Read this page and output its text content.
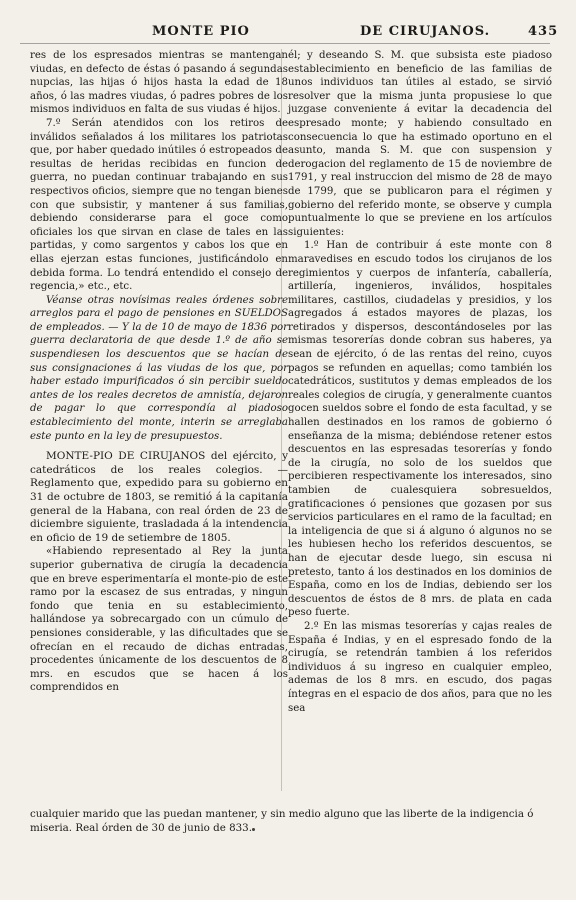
MONTE PIO	DE CIRUJANOS.	435

res de los espresados mientras se mantengan viudas, en defecto de éstas ó pasando á segundas nupcias, las hijas ó hijos hasta la edad de 18 años, ó las madres viudas, ó padres pobres de los mismos individuos en falta de sus viudas é hijos.

7.º Serán atendidos con los retiros de inválidos señalados á los militares los patriotas que, por haber quedado inútiles ó estropeados de resultas de heridas recibidas en funcion de guerra, no puedan continuar trabajando en sus respectivos oficios, siempre que no tengan bienes con que subsistir, y mantener á sus familias, debiendo considerarse para el goce como oficiales los que sirvan en clase de tales en las partidas, y como sargentos y cabos los que en ellas ejerzan estas funciones, justificándolo en debida forma. Lo tendrá entendido el consejo de regencia,» etc., etc.

Véanse otras novísimas reales órdenes sobre arreglos para el pago de pensiones en SUELDOS de empleados. — Y la de 10 de mayo de 1836 por guerra declaratoria de que desde 1.º de año se suspendiesen los descuentos que se hacían de sus consignaciones á las viudas de los que, por haber estado impurificados ó sin percibir sueldo antes de los reales decretos de amnistía, dejaron de pagar lo que correspondía al piadoso establecimiento del monte, interin se arreglaba este punto en la ley de presupuestos.

MONTE-PIO DE CIRUJANOS del ejército, y catedráticos de los reales colegios. — Reglamento que, expedido para su gobierno en 31 de octubre de 1803, se remitió á la capitanía general de la Habana, con real órden de 23 de diciembre siguiente, trasladada á la intendencia en oficio de 19 de setiembre de 1805.

«Habiendo representado al Rey la junta superior gubernativa de cirugía la decadencia que en breve esperimentaría el monte-pio de este ramo por la escasez de sus entradas, y ningun fondo que tenia en su establecimiento, hallándose ya sobrecargado con un cúmulo de pensiones considerable, y las dificultades que se ofrecían en el recaudo de dichas entradas, procedentes únicamente de los descuentos de 8 mrs. en escudos que se hacen á los comprendidos en

él; y deseando S. M. que subsista este piadoso establecimiento en beneficio de las familias de unos individuos tan útiles al estado, se sirvió resolver que la misma junta propusiese lo que juzgase conveniente á evitar la decadencia del espresado monte; y habiendo consultado en consecuencia lo que ha estimado oportuno en el asunto, manda S. M. que con suspension y derogacion del reglamento de 15 de noviembre de 1791, y real instruccion del mismo de 28 de mayo de 1799, que se publicaron para el régimen y gobierno del referido monte, se observe y cumpla puntualmente lo que se previene en los artículos siguientes:

1.º Han de contribuir á este monte con 8 maravedises en escudo todos los cirujanos de los regimientos y cuerpos de infantería, caballería, artillería, ingenieros, inválidos, hospitales militares, castillos, ciudadelas y presidios, y los agregados á estados mayores de plazas, los retirados y dispersos, descontándoseles por las mismas tesorerías donde cobran sus haberes, ya sean de ejército, ó de las rentas del reino, cuyos pagos se refunden en aquellas; como también los catedráticos, sustitutos y demas empleados de los reales colegios de cirugía, y generalmente cuantos gocen sueldos sobre el fondo de esta facultad, y se hallen destinados en los ramos de gobierno ó enseñanza de la misma; debiéndose retener estos descuentos en las espresadas tesorerías y fondo de la cirugía, no solo de los sueldos que percibieren respectivamente los interesados, sino tambien de cualesquiera sobresueldos, gratificaciones ó pensiones que gozasen por sus servicios particulares en el ramo de la facultad; en la inteligencia de que si á alguno ó algunos no se les hubiesen hecho los referidos descuentos, se han de ejecutar desde luego, sin escusa ni pretesto, tanto á los destinados en los dominios de España, como en los de Indias, debiendo ser los descuentos de éstos de 8 mrs. de plata en cada peso fuerte.

2.º En las mismas tesorerías y cajas reales de España é Indias, y en el espresado fondo de la cirugía, se retendrán tambien á los referidos individuos á su ingreso en cualquier empleo, ademas de los 8 mrs. en escudo, dos pagas íntegras en el espacio de dos años, para que no les sea

cualquier marido que las puedan mantener, y sin medio alguno que las liberte de la indigencia ó miseria. Real órden de 30 de junio de 833.
